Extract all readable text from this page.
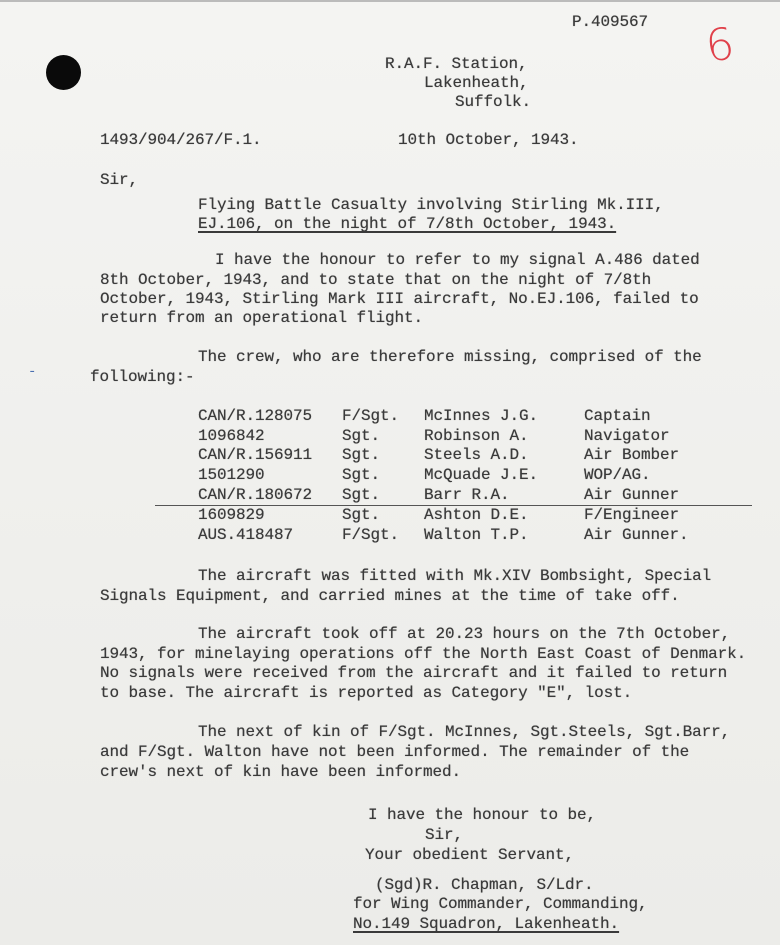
6
-
P.409567
R.A.F. Station,
Lakenheath,
Suffolk.
1493/904/267/F.1.	10th October, 1943.
Sir,
Flying Battle Casualty involving Stirling Mk.III,
EJ.106, on the night of 7/8th October, 1943.
I have the honour to refer to my signal A.486 dated
8th October, 1943, and to state that on the night of 7/8th
October, 1943, Stirling Mark III aircraft, No.EJ.106, failed to
return from an operational flight.
The crew, who are therefore missing, comprised of the
following:-
CAN/R.128075 F/Sgt. McInnes J.G.	Captain
1096842	Sgt.	Robinson A.	Navigator
CAN/R.156911 Sgt.	Steels A.D.	Air Bomber
1501290	Sgt.	McQuade J.E.	WOP/AG.
CAN/R.180672 Sgt.	Barr R.A.	Air Gunner
1609829	Sgt.	Ashton D.E.	F/Engineer
AUS.418487	F/Sgt. Walton T.P.	Air Gunner.
The aircraft was fitted with Mk.XIV Bombsight, Special
Signals Equipment, and carried mines at the time of take off.
The aircraft took off at 20.23 hours on the 7th October,
1943, for minelaying operations off the North East Coast of Denmark.
No signals were received from the aircraft and it failed to return
to base. The aircraft is reported as Category "E", lost.
The next of kin of F/Sgt. McInnes, Sgt.Steels, Sgt.Barr,
and F/Sgt. Walton have not been informed. The remainder of the
crew's next of kin have been informed.
I have the honour to be,
Sir,
Your obedient Servant,
(Sgd)R. Chapman, S/Ldr.
for Wing Commander, Commanding,
No.149 Squadron, Lakenheath.
